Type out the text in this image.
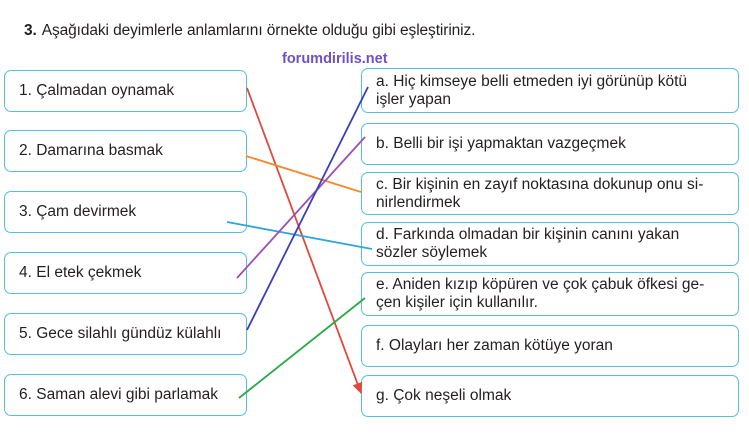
3. Aşağıdaki deyimlerle anlamlarını örnekte olduğu gibi eşleştiriniz.
forumdirilis.net
1. Çalmadan oynamak
2. Damarına basmak
3. Çam devirmek
4. El etek çekmek
5. Gece silahlı gündüz külahlı
6. Saman alevi gibi parlamak
a. Hiç kimseye belli etmeden iyi görünüp kötü
işler yapan
b. Belli bir işi yapmaktan vazgeçmek
c. Bir kişinin en zayıf noktasına dokunup onu si-
nirlendirmek
d. Farkında olmadan bir kişinin canını yakan
sözler söylemek
e. Aniden kızıp köpüren ve çok çabuk öfkesi ge-
çen kişiler için kullanılır.
f. Olayları her zaman kötüye yoran
g. Çok neşeli olmak
